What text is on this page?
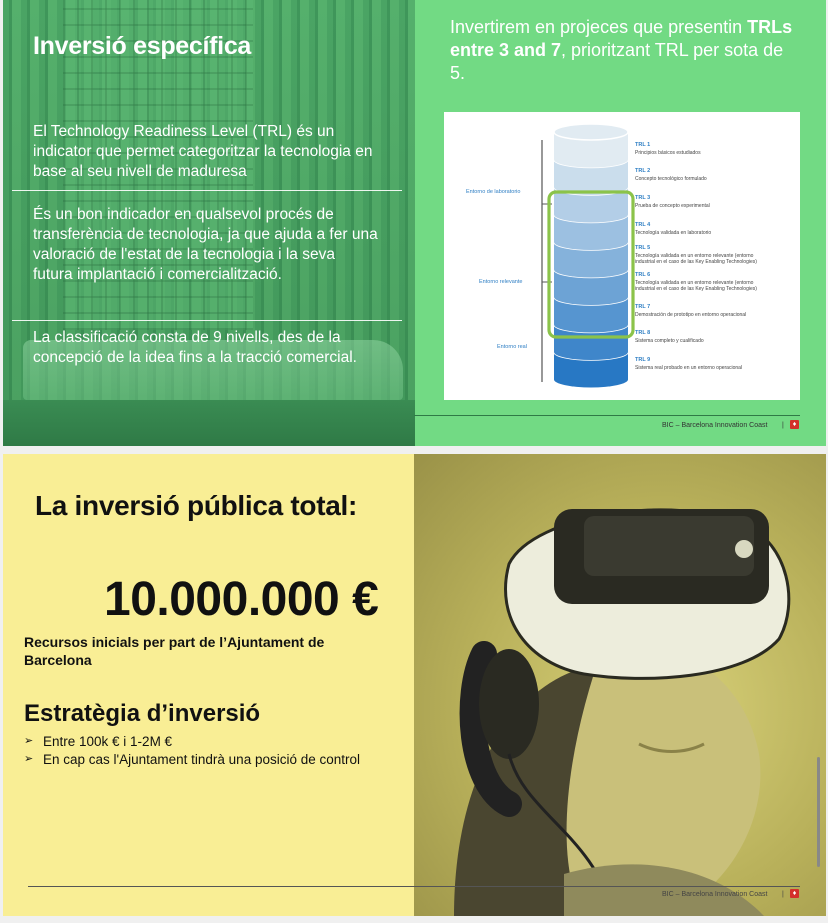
Inversió específica

El Technology Readiness Level (TRL) és un indicator que permet categoritzar la tecnologia en base al seu nivell de maduresa

És un bon indicador en qualsevol procés de transferència de tecnologia, ja que ajuda a fer una valoració de l'estat de la tecnologia i la seva futura implantació i comercialització.

La classificació consta de 9 nivells, des de la concepció de la idea fins a la tracció comercial.

Invertirem en projeces que presentin TRLs entre 3 and 7, prioritzant TRL per sota de 5.

Entorno de laboratorio
Entorno relevante
Entorno real
TRL 1
Principios básicos estudiados
TRL 2
Concepto tecnológico formulado
TRL 3
Prueba de concepto experimental
TRL 4
Tecnología validada en laboratorio
TRL 5
Tecnología validada en un entorno relevante (entorno
industrial en el caso de las Key Enabling Technologies)
TRL 6
Tecnología validada en un entorno relevante (entorno
industrial en el caso de las Key Enabling Technologies)
TRL 7
Demostración de prototipo en entorno operacional
TRL 8
Sistema completo y cualificado
TRL 9
Sistema real probado en un entorno operacional
BIC – Barcelona Innovation Coast |	♦
La inversió pública total:
10.000.000 €

Recursos inicials per part de l’Ajuntament de Barcelona

Estratègia d’inversió
➢ Entre 100k € i 1-2M €
➢ En cap cas l'Ajuntament tindrà una posició de control
BIC – Barcelona Innovation Coast |	♦
